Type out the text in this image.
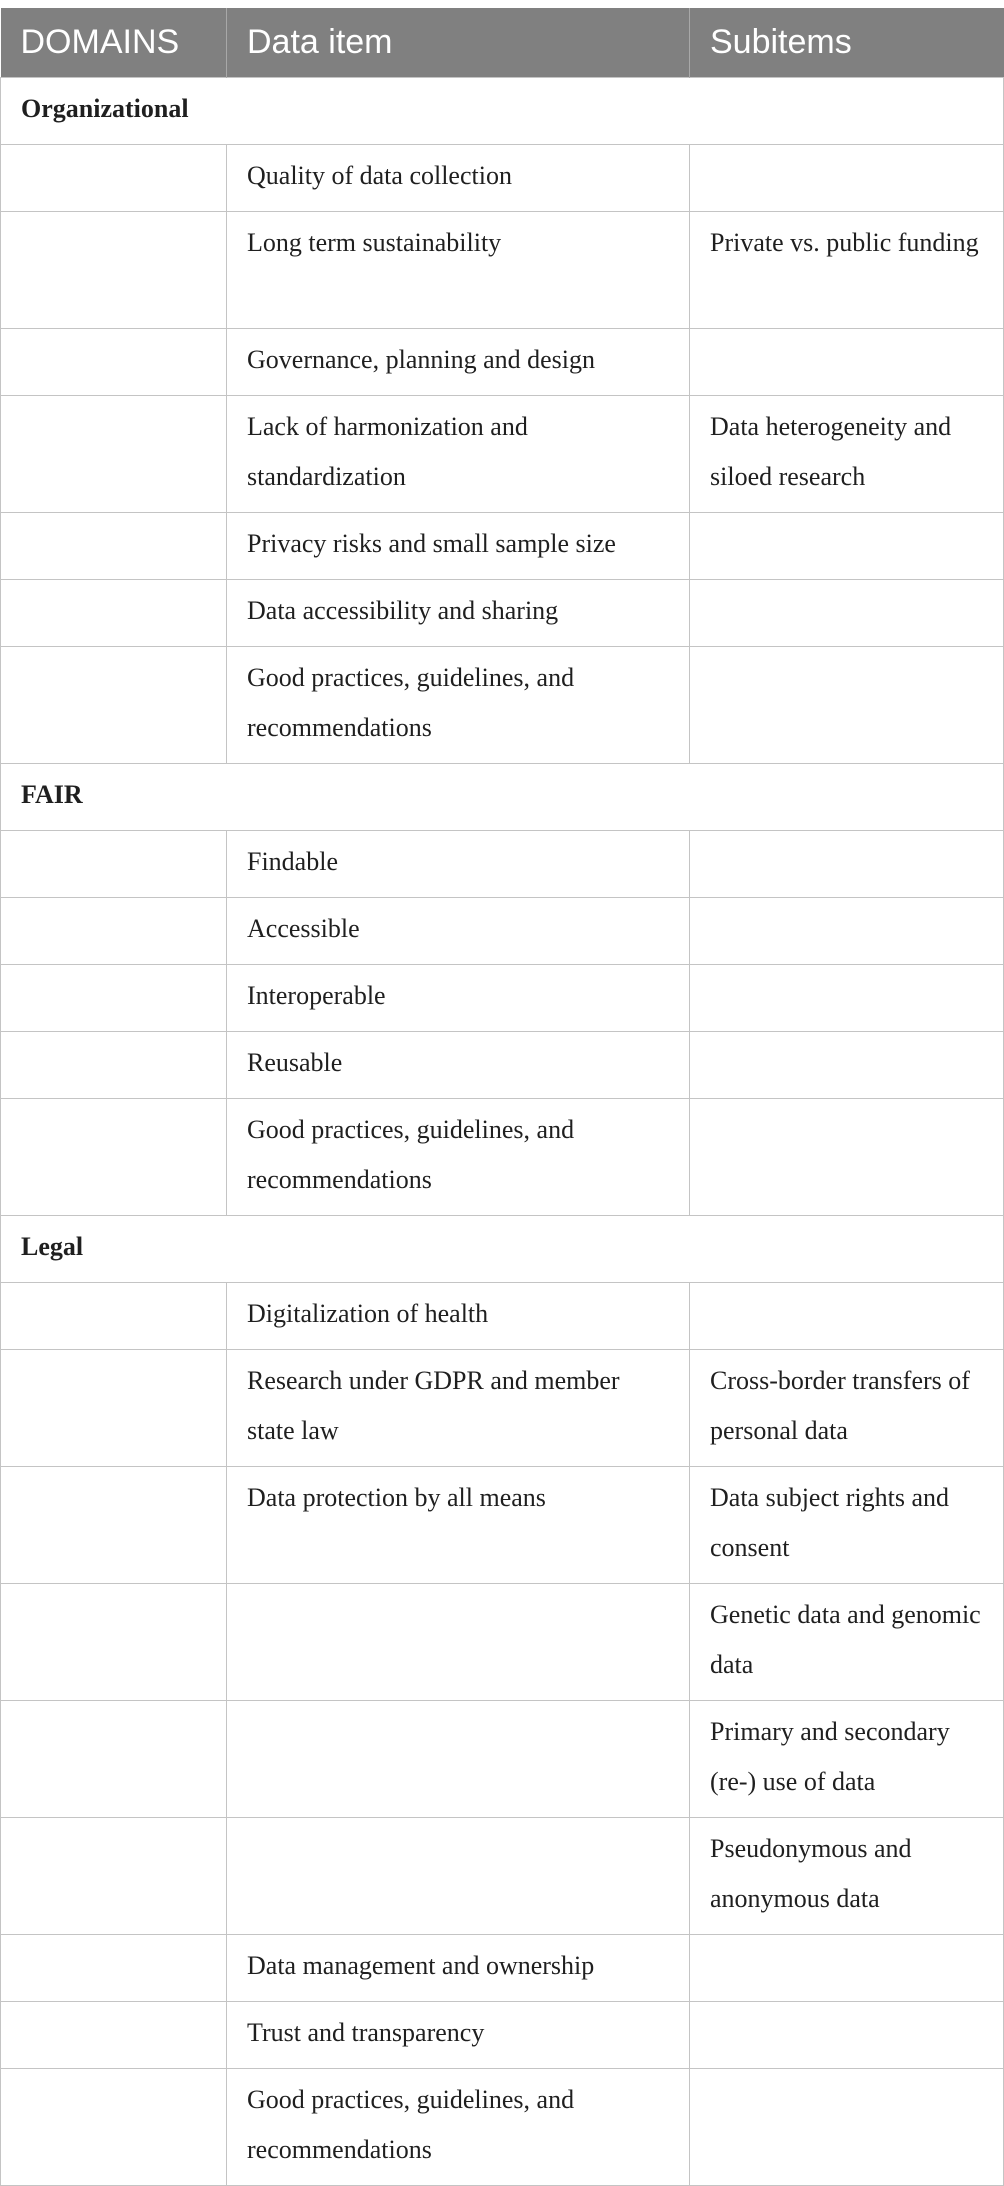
DOMAINS	Data item	Subitems
Organizational		
	Quality of data collection	
	Long term sustainability	Private vs. public funding
	Governance, planning and design	
	Lack of harmonization and standardization	Data heterogeneity and siloed research
	Privacy risks and small sample size	
	Data accessibility and sharing	
	Good practices, guidelines, and recommendations	
FAIR		
	Findable	
	Accessible	
	Interoperable	
	Reusable	
	Good practices, guidelines, and recommendations	
Legal		
	Digitalization of health	
	Research under GDPR and member state law	Cross-border transfers of personal data
	Data protection by all means	Data subject rights and consent
		Genetic data and genomic data
		Primary and secondary (re-) use of data
		Pseudonymous and anonymous data
	Data management and ownership	
	Trust and transparency	
	Good practices, guidelines, and recommendations	
